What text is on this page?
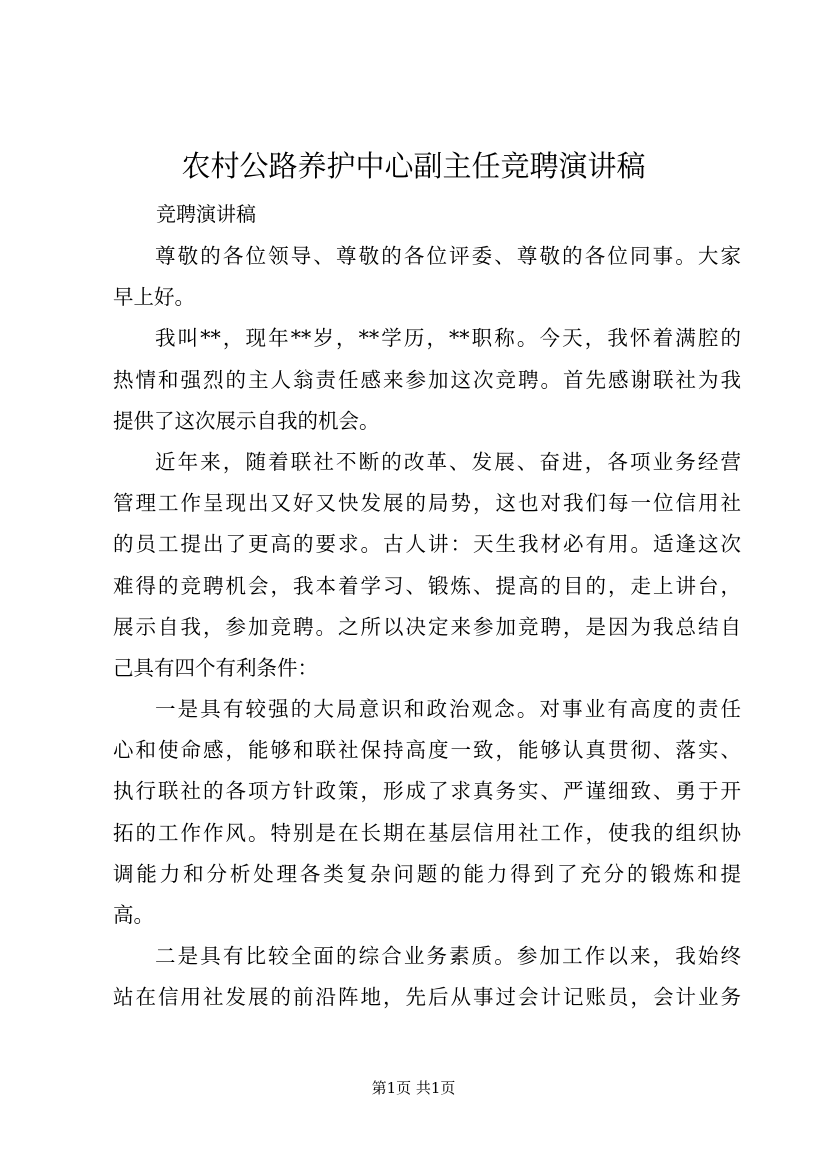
农村公路养护中心副主任竞聘演讲稿
竞聘演讲稿
尊敬的各位领导、尊敬的各位评委、尊敬的各位同事。大家
早上好。
我叫**，现年**岁，**学历，**职称。今天，我怀着满腔的
热情和强烈的主人翁责任感来参加这次竞聘。首先感谢联社为我
提供了这次展示自我的机会。
近年来，随着联社不断的改革、发展、奋进，各项业务经营
管理工作呈现出又好又快发展的局势，这也对我们每一位信用社
的员工提出了更高的要求。古人讲：天生我材必有用。适逢这次
难得的竞聘机会，我本着学习、锻炼、提高的目的，走上讲台，
展示自我，参加竞聘。之所以决定来参加竞聘，是因为我总结自
己具有四个有利条件：
一是具有较强的大局意识和政治观念。对事业有高度的责任
心和使命感，能够和联社保持高度一致，能够认真贯彻、落实、
执行联社的各项方针政策，形成了求真务实、严谨细致、勇于开
拓的工作作风。特别是在长期在基层信用社工作，使我的组织协
调能力和分析处理各类复杂问题的能力得到了充分的锻炼和提
高。
二是具有比较全面的综合业务素质。参加工作以来，我始终
站在信用社发展的前沿阵地，先后从事过会计记账员，会计业务
第1页 共1页
